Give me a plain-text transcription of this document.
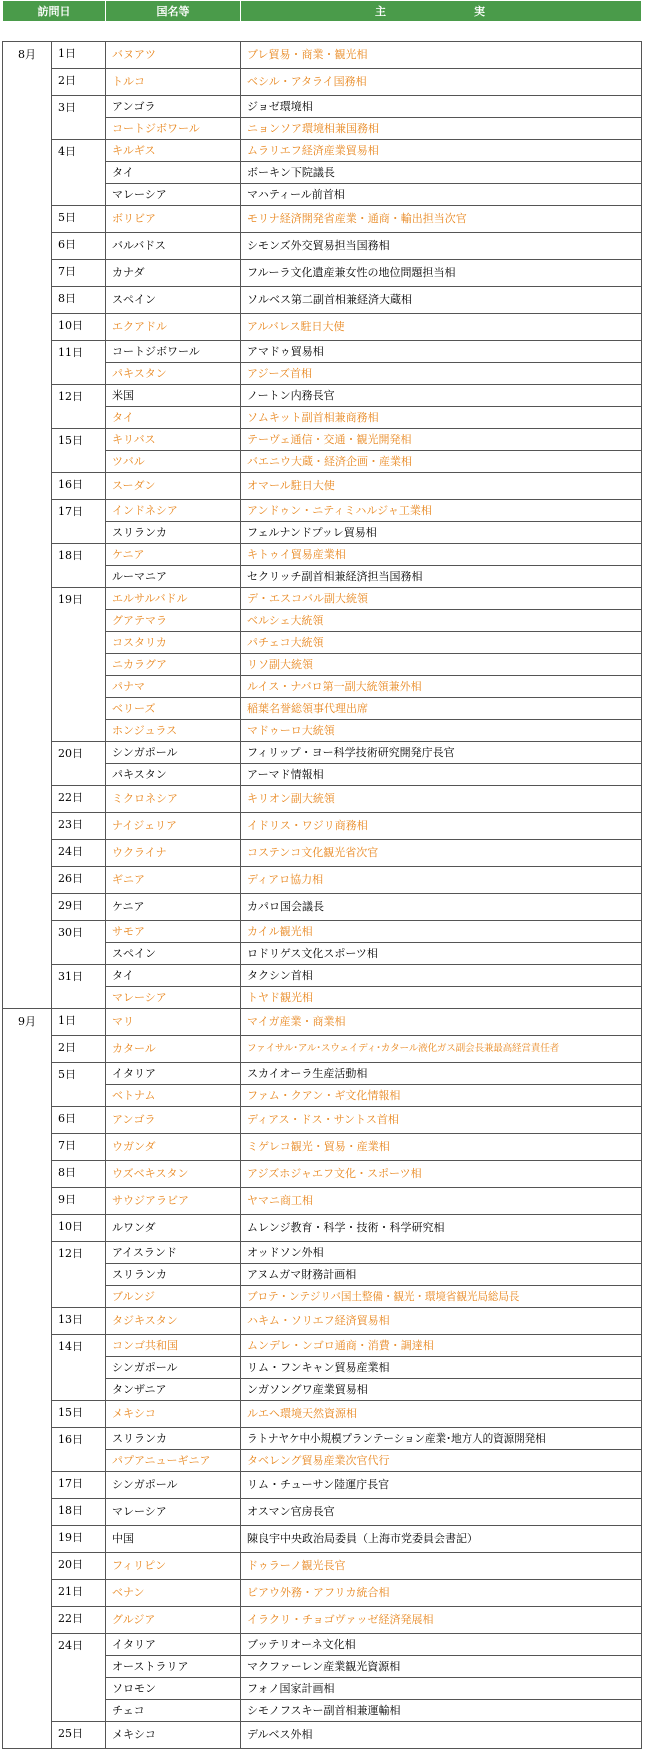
訪問日	国名等	主　　実
8月	1日	バヌアツ	ブレ貿易・商業・観光相
	2日	トルコ	ベシル・アタライ国務相
	3日	アンゴラ	ジョゼ環境相
		コートジボワール	ニョンソア環境相兼国務相
	4日	キルギス	ムラリエフ経済産業貿易相
		タイ	ボーキン下院議長
		マレーシア	マハティール前首相
	5日	ボリビア	モリナ経済開発省産業・通商・輸出担当次官
	6日	バルバドス	シモンズ外交貿易担当国務相
	7日	カナダ	フルーラ文化遺産兼女性の地位問題担当相
	8日	スペイン	ソルベス第二副首相兼経済大蔵相
	10日	エクアドル	アルバレス駐日大使
	11日	コートジボワール	アマドゥ貿易相
		パキスタン	アジーズ首相
	12日	米国	ノートン内務長官
		タイ	ソムキット副首相兼商務相
	15日	キリバス	テーヴェ通信・交通・観光開発相
		ツバル	バエニウ大蔵・経済企画・産業相
	16日	スーダン	オマール駐日大使
	17日	インドネシア	アンドゥン・ニティミハルジャ工業相
		スリランカ	フェルナンドプッレ貿易相
	18日	ケニア	キトゥイ貿易産業相
		ルーマニア	セクリッチ副首相兼経済担当国務相
	19日	エルサルバドル	デ・エスコバル副大統領
		グアテマラ	ベルシェ大統領
		コスタリカ	パチェコ大統領
		ニカラグア	リソ副大統領
		パナマ	ルイス・ナバロ第一副大統領兼外相
		ベリーズ	稲葉名誉総領事代理出席
		ホンジュラス	マドゥーロ大統領
	20日	シンガポール	フィリップ・ヨー科学技術研究開発庁長官
		パキスタン	アーマド情報相
	22日	ミクロネシア	キリオン副大統領
	23日	ナイジェリア	イドリス・ワジリ商務相
	24日	ウクライナ	コステンコ文化観光省次官
	26日	ギニア	ディアロ協力相
	29日	ケニア	カパロ国会議長
	30日	サモア	カイル観光相
		スペイン	ロドリゲス文化スポーツ相
	31日	タイ	タクシン首相
		マレーシア	トヤド観光相
9月	1日	マリ	マイガ産業・商業相
	2日	カタール	ファイサル･アル･スウェイディ･カタール液化ガス副会長兼最高経営責任者
	5日	イタリア	スカイオーラ生産活動相
		ベトナム	ファム・クアン・ギ文化情報相
	6日	アンゴラ	ディアス・ドス・サントス首相
	7日	ウガンダ	ミゲレコ観光・貿易・産業相
	8日	ウズベキスタン	アジズホジャエフ文化・スポーツ相
	9日	サウジアラビア	ヤマニ商工相
	10日	ルワンダ	ムレンジ教育・科学・技術・科学研究相
	12日	アイスランド	オッドソン外相
		スリランカ	アヌムガマ財務計画相
		ブルンジ	ブロテ・ンテジリバ国土整備・観光・環境省観光局総局長
	13日	タジキスタン	ハキム・ソリエフ経済貿易相
	14日	コンゴ共和国	ムンデレ・ンゴロ通商・消費・調達相
		シンガポール	リム・フンキャン貿易産業相
		タンザニア	ンガソングワ産業貿易相
	15日	メキシコ	ルエヘ環境天然資源相
	16日	スリランカ	ラトナヤケ中小規模プランテーション産業･地方人的資源開発相
		パプアニューギニア	タベレング貿易産業次官代行
	17日	シンガポール	リム・チューサン陸運庁長官
	18日	マレーシア	オスマン官房長官
	19日	中国	陳良宇中央政治局委員（上海市党委員会書記）
	20日	フィリピン	ドゥラーノ観光長官
	21日	ベナン	ビアウ外務・アフリカ統合相
	22日	グルジア	イラクリ・チョゴヴァッゼ経済発展相
	24日	イタリア	ブッテリオーネ文化相
		オーストラリア	マクファーレン産業観光資源相
		ソロモン	フォノ国家計画相
		チェコ	シモノフスキー副首相兼運輸相
	25日	メキシコ	デルベス外相
